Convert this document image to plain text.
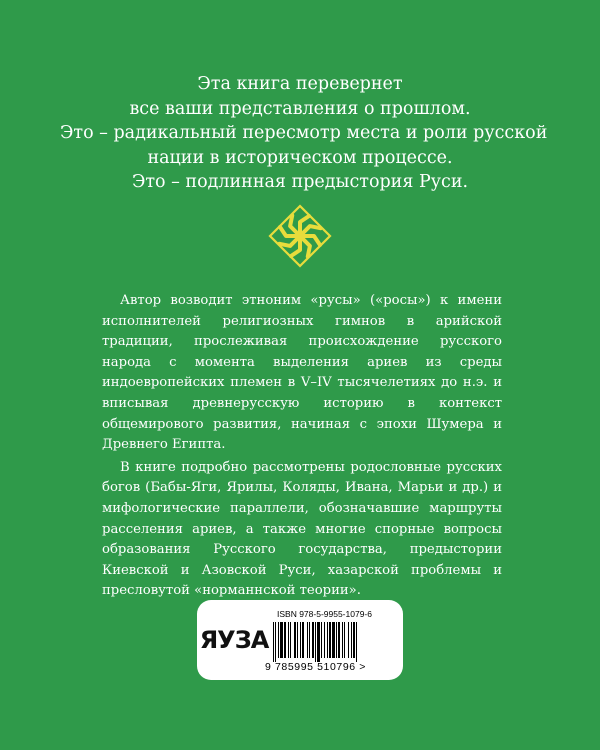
Эта книга перевернет
все ваши представления о прошлом.
Это – радикальный пересмотр места и роли русской
нации в историческом процессе.
Это – подлинная предыстория Руси.

Автор возводит этноним «русы» («росы») к имени исполнителей религиозных гимнов в арийской традиции, прослеживая происхождение русского народа с момента выделения ариев из среды индоевропейских племен в V–IV тысячелетиях до н.э. и вписывая древнерусскую историю в контекст общемирового развития, начиная с эпохи Шумера и Древнего Египта.

В книге подробно рассмотрены родословные русских богов (Бабы-Яги, Ярилы, Коляды, Ивана, Марьи и др.) и мифологические параллели, обозначавшие маршруты расселения ариев, а также многие спорные вопросы образования Русского государства, предыстории Киевской и Азовской Руси, хазарской проблемы и пресловутой «норманнской теории».

ЯУЗА
ISBN 978-5-9955-1079-6
9 785995 510796 >
